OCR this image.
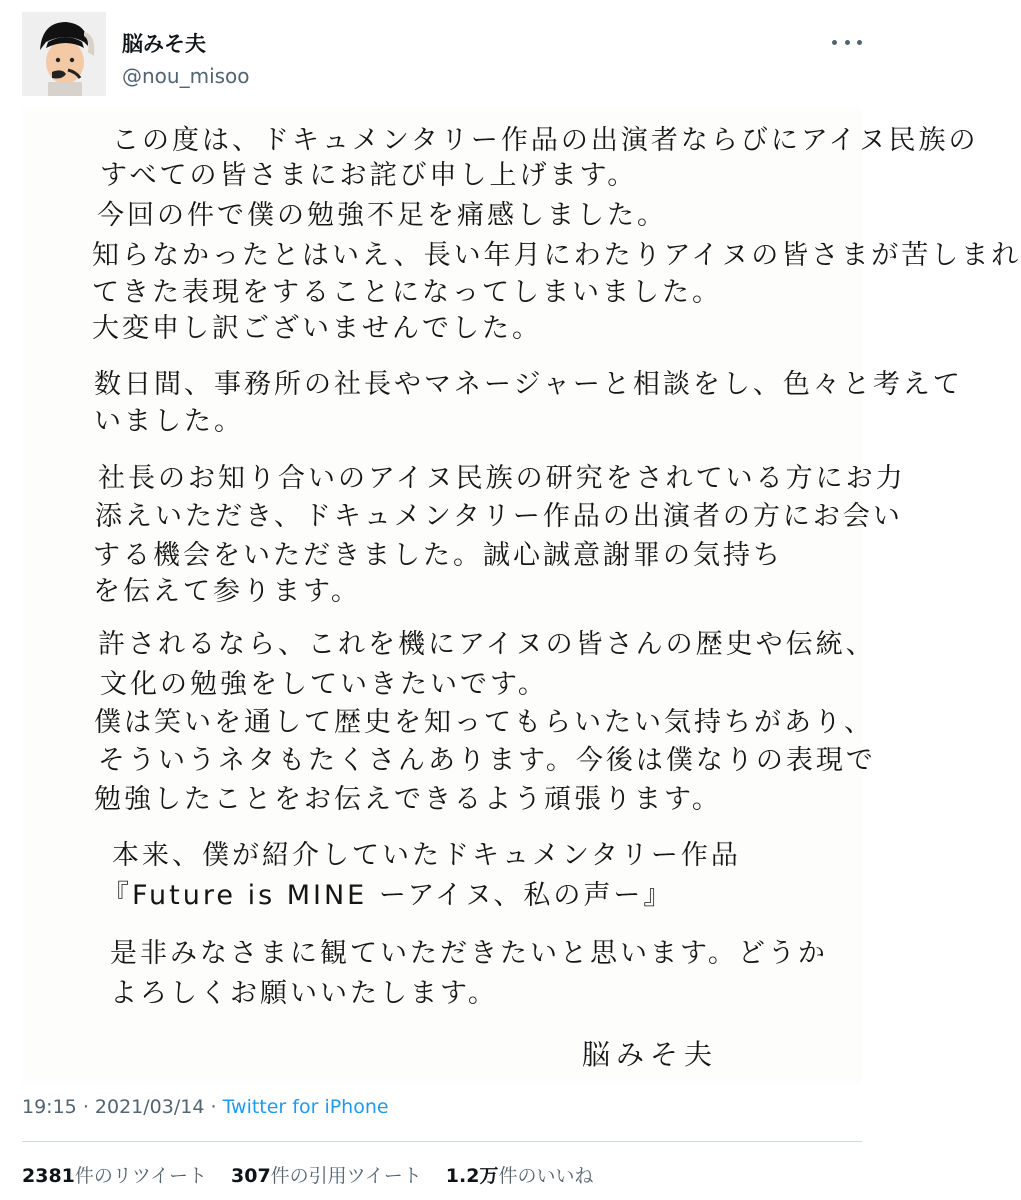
脳みそ夫
@nou_misoo
この度は、ドキュメンタリー作品の出演者ならびにアイヌ民族の
すべての皆さまにお詫び申し上げます。
今回の件で僕の勉強不足を痛感しました。
知らなかったとはいえ、長い年月にわたりアイヌの皆さまが苦しまれ
てきた表現をすることになってしまいました。
大変申し訳ございませんでした。
数日間、事務所の社長やマネージャーと相談をし、色々と考えて
いました。
社長のお知り合いのアイヌ民族の研究をされている方にお力
添えいただき、ドキュメンタリー作品の出演者の方にお会い
する機会をいただきました。誠心誠意謝罪の気持ち
を伝えて参ります。
許されるなら、これを機にアイヌの皆さんの歴史や伝統、
文化の勉強をしていきたいです。
僕は笑いを通して歴史を知ってもらいたい気持ちがあり、
そういうネタもたくさんあります。今後は僕なりの表現で
勉強したことをお伝えできるよう頑張ります。
本来、僕が紹介していたドキュメンタリー作品
『Future is MINE ーアイヌ、私の声ー』
是非みなさまに観ていただきたいと思います。どうか
よろしくお願いいたします。
脳みそ夫
19:15 · 2021/03/14 · Twitter for iPhone
2381件のリツイート 307件の引用ツイート 1.2万件のいいね
